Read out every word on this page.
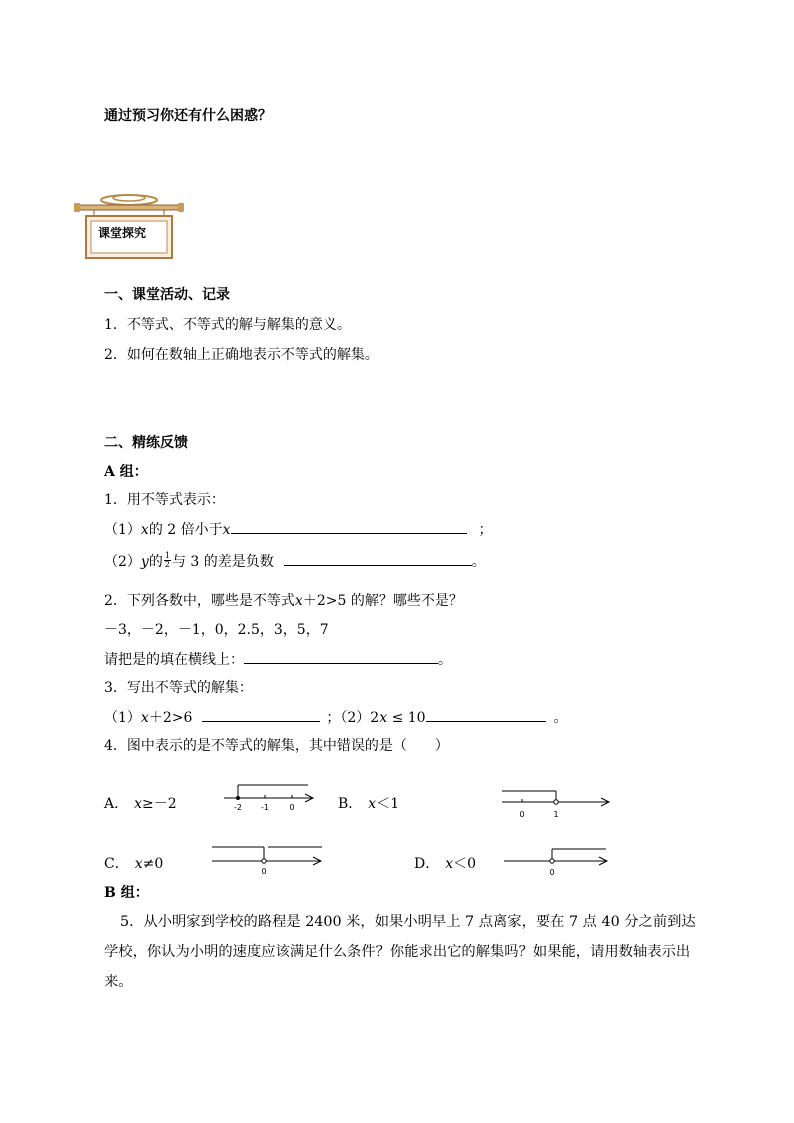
通过预习你还有什么困惑？
课堂探究
一、课堂活动、记录
1．不等式、不等式的解与解集的意义。
2．如何在数轴上正确地表示不等式的解集。
二、精练反馈
A 组：
1．用不等式表示：
（1）x的 2 倍小于x	；
（2）y的 $\frac{1}{2}$ 与 3 的差是负数	。
2．下列各数中，哪些是不等式x＋2>5 的解？哪些不是？
－3，－2，－1，0，2.5，3，5，7
请把是的填在横线上：	。
3．写出不等式的解集：
（1）x＋2>6	；（2）2x ≤ 10	。
4．图中表示的是不等式的解集，其中错误的是（　　）
A． x≥－2	-2 -1	0	B． x＜1
0	1
C． x≠0	0	D． x＜0
0
B 组：
5．从小明家到学校的路程是 2400 米，如果小明早上 7 点离家，要在 7 点 40 分之前到达
学校，你认为小明的速度应该满足什么条件？你能求出它的解集吗？如果能，请用数轴表示出
来。
